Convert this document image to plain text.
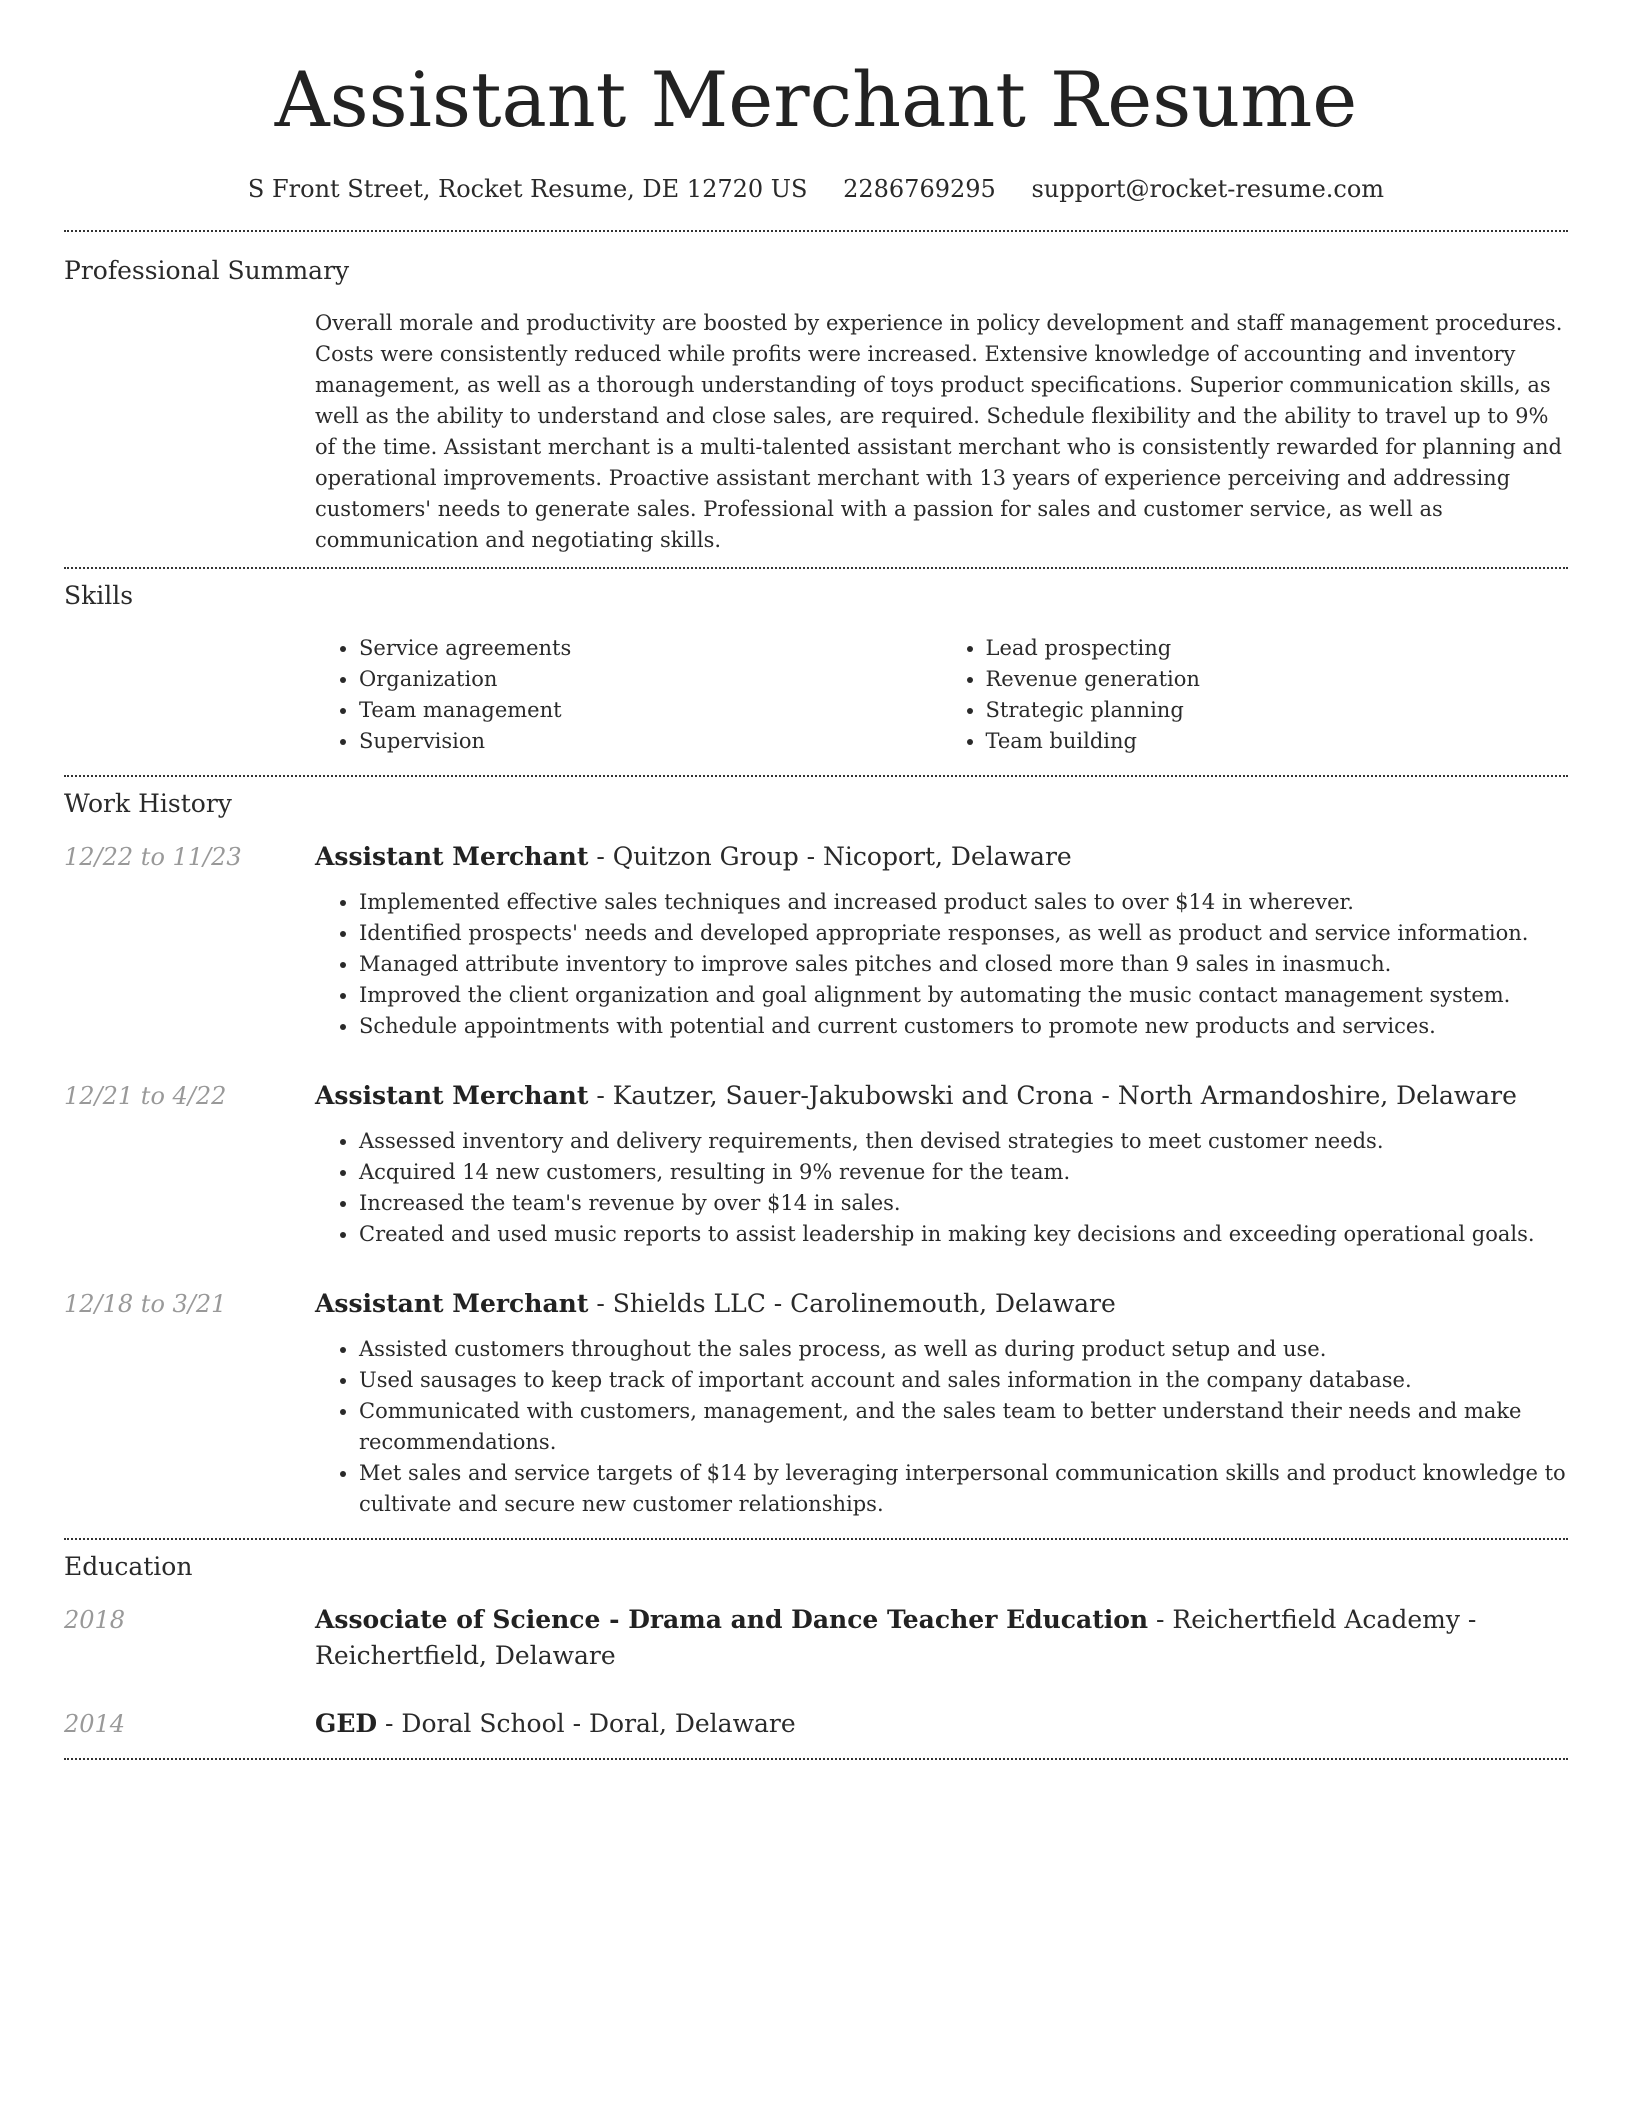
Assistant Merchant Resume
S Front Street, Rocket Resume, DE 12720 US 2286769295 support@rocket-resume.com
Professional Summary
Overall morale and productivity are boosted by experience in policy development and staff management procedures. Costs were consistently reduced while profits were increased. Extensive knowledge of accounting and inventory management, as well as a thorough understanding of toys product specifications. Superior communication skills, as well as the ability to understand and close sales, are required. Schedule flexibility and the ability to travel up to 9% of the time. Assistant merchant is a multi-talented assistant merchant who is consistently rewarded for planning and operational improvements. Proactive assistant merchant with 13 years of experience perceiving and addressing customers' needs to generate sales. Professional with a passion for sales and customer service, as well as communication and negotiating skills.
Skills
• Service agreements
• Organization
• Team management
• Supervision
• Lead prospecting
• Revenue generation
• Strategic planning
• Team building
Work History
12/22 to 11/23	Assistant Merchant - Quitzon Group - Nicoport, Delaware
• Implemented effective sales techniques and increased product sales to over $14 in wherever.
• Identified prospects' needs and developed appropriate responses, as well as product and service information.
• Managed attribute inventory to improve sales pitches and closed more than 9 sales in inasmuch.
• Improved the client organization and goal alignment by automating the music contact management system.
• Schedule appointments with potential and current customers to promote new products and services.
12/21 to 4/22	Assistant Merchant - Kautzer, Sauer-Jakubowski and Crona - North Armandoshire, Delaware
• Assessed inventory and delivery requirements, then devised strategies to meet customer needs.
• Acquired 14 new customers, resulting in 9% revenue for the team.
• Increased the team's revenue by over $14 in sales.
• Created and used music reports to assist leadership in making key decisions and exceeding operational goals.
12/18 to 3/21	Assistant Merchant - Shields LLC - Carolinemouth, Delaware
• Assisted customers throughout the sales process, as well as during product setup and use.
• Used sausages to keep track of important account and sales information in the company database.
• Communicated with customers, management, and the sales team to better understand their needs and make recommendations.
• Met sales and service targets of $14 by leveraging interpersonal communication skills and product knowledge to cultivate and secure new customer relationships.
Education
2018	Associate of Science - Drama and Dance Teacher Education - Reichertfield Academy - Reichertfield, Delaware
2014	GED - Doral School - Doral, Delaware
